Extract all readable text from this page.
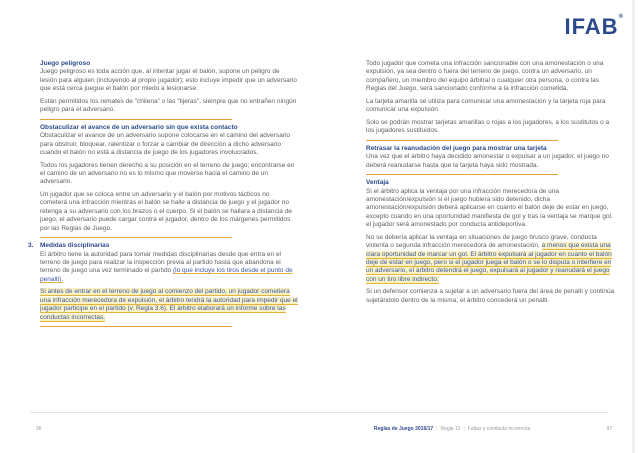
IFAB®

Juego peligroso

Juego peligroso es toda acción que, al intentar jugar el balón, supone un peligro de lesión para alguien (incluyendo al propio jugador); esto incluye impedir que un adversario que está cerca juegue el balón por miedo a lesionarse.

Están permitidos los remates de "chilena" o las "tijeras", siempre que no entrañen ningún peligro para el adversario.

Obstaculizar el avance de un adversario sin que exista contacto

Obstaculizar el avance de un adversario supone colocarse en el camino del adversario para obstruir, bloquear, ralentizar o forzar a cambiar de dirección a dicho adversario cuando el balón no está a distancia de juego de los jugadores involucrados.

Todos los jugadores tienen derecho a su posición en el terreno de juego; encontrarse en el camino de un adversario no es lo mismo que moverse hacia el camino de un adversario.

Un jugador que se coloca entre un adversario y el balón por motivos tácticos no cometerá una infracción mientras el balón se halle a distancia de juego y el jugador no retenga a su adversario con los brazos o el cuerpo. Si el balón se hallara a distancia de juego, el adversario puede cargar contra el jugador, dentro de los márgenes permitidos por las Reglas de Juego.

3. Medidas disciplinarias

El árbitro tiene la autoridad para tomar medidas disciplinarias desde que entra en el terreno de juego para realizar la inspección previa al partido hasta que abandona el terreno de juego una vez terminado el partido (lo que incluye los tiros desde el punto de penalti).

Si antes de entrar en el terreno de juego al comienzo del partido, un jugador cometiera una infracción merecedora de expulsión, el árbitro tendrá la autoridad para impedir que el jugador participe en el partido (v. Regla 3.6). El árbitro elaborará un informe sobre las conductas incorrectas.

Todo jugador que cometa una infracción sancionable con una amonestación o una expulsión, ya sea dentro o fuera del terreno de juego, contra un adversario, un compañero, un miembro del equipo árbitral o cualquier otra persona, o contra las Reglas del Juego, será sancionado conforme a la infracción cometida.

La tarjeta amarilla se utiliza para comunicar una amonestación y la tarjeta roja para comunicar una expulsión.

Solo se podrán mostrar tarjetas amarillas o rojas a los jugadores, a los sustitutos o a los jugadores sustituidos.

Retrasar la reanudación del juego para mostrar una tarjeta

Una vez que el árbitro haya decidido amonestar o expulsar a un jugador, el juego no deberá reanudarse hasta que la tarjeta haya sido mostrada.

Ventaja

Si el árbitro aplica la ventaja por una infracción merecedora de una amonestación/expulsión si el juego hubiera sido detenido, dicha amonestación/expulsión deberá aplicarse en cuanto el balón deje de estar en juego, excepto cuando en una oportunidad manifiesta de gol y tras la ventaja se marque gol, el jugador será amonestado por conducta antideportiva.

No se debería aplicar la ventaja en situaciones de juego brusco grave, conducta violenta o segunda infracción merecedora de amonestación, a menos que exista una clara oportunidad de marcar un gol. El árbitro expulsará al jugador en cuanto el balón deje de estar en juego, pero si el jugador juega el balón o se lo disputa o interfiere en un adversario, el árbitro detendrá el juego, expulsará al jugador y reanudará el juego con un tiro libre indirecto.

Si un defensor comienza a sujetar a un adversario fuera del área de penalti y continúa sujetándolo dentro de la misma, el árbitro concederá un penalti.

96	Reglas de Juego 2016/17 | Regla 12 | Faltas y conducta incorrecta	97
